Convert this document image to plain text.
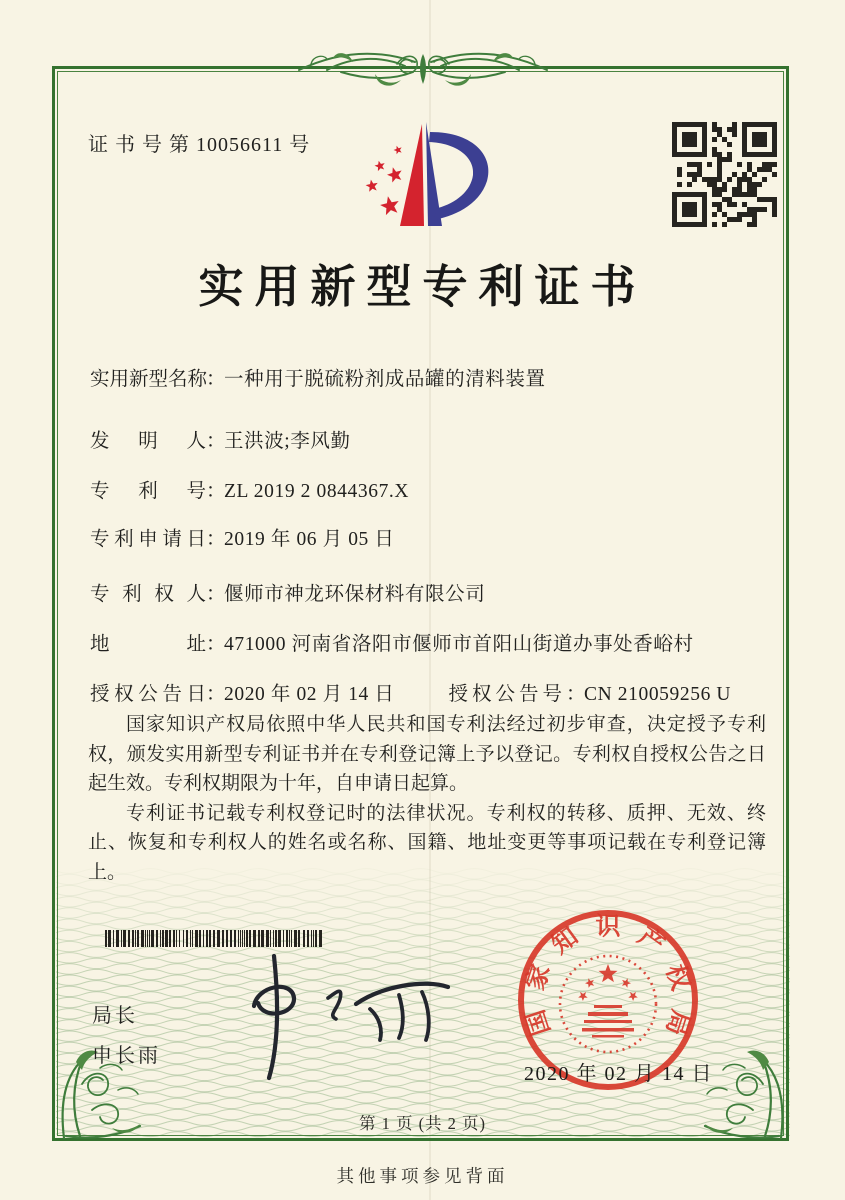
证 书 号 第 10056611 号
实用新型专利证书
实用新型名称：一种用于脱硫粉剂成品罐的清料装置
发明人：王洪波;李风勤
专利号：ZL 2019 2 0844367.X
专利申请日：2019 年 06 月 05 日
专利权人：偃师市神龙环保材料有限公司
地址：471000 河南省洛阳市偃师市首阳山街道办事处香峪村
授权公告日：2020 年 02 月 14 日	授权公告号：CN 210059256 U

国家知识产权局依照中华人民共和国专利法经过初步审查，决定授予专利权，颁发实用新型专利证书并在专利登记簿上予以登记。专利权自授权公告之日起生效。专利权期限为十年，自申请日起算。

专利证书记载专利权登记时的法律状况。专利权的转移、质押、无效、终止、恢复和专利权人的姓名或名称、国籍、地址变更等事项记载在专利登记簿上。

局长
申长雨
国
家
知 识 产
权
局
2020 年 02 月 14 日
第 1 页 (共 2 页)
其他事项参见背面
